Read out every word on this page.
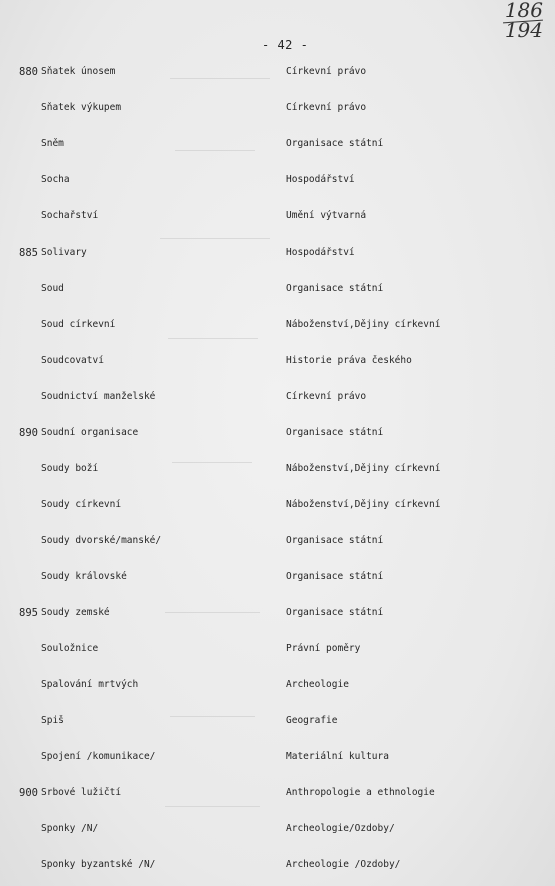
186
194
- 42 -
880 Sňatek únosem	Církevní právo
Sňatek výkupem	Církevní právo
Sněm	Organisace státní
Socha	Hospodářství
Sochařství	Umění výtvarná
885 Solivary	Hospodářství
Soud	Organisace státní
Soud církevní	Náboženství,Dějiny církevní
Soudcovatví	Historie práva českého
Soudnictví manželské	Církevní právo
890 Soudní organisace	Organisace státní
Soudy boží	Náboženství,Dějiny církevní
Soudy církevní	Náboženství,Dějiny církevní
Soudy dvorské/manské/	Organisace státní
Soudy královské	Organisace státní
895 Soudy zemské	Organisace státní
Souložnice	Právní poměry
Spalování mrtvých	Archeologie
Spiš	Geografie
Spojení /komunikace/	Materiální kultura
900 Srbové lužičtí	Anthropologie a ethnologie
Sponky /N/	Archeologie/Ozdoby/
Sponky byzantské /N/	Archeologie /Ozdoby/
